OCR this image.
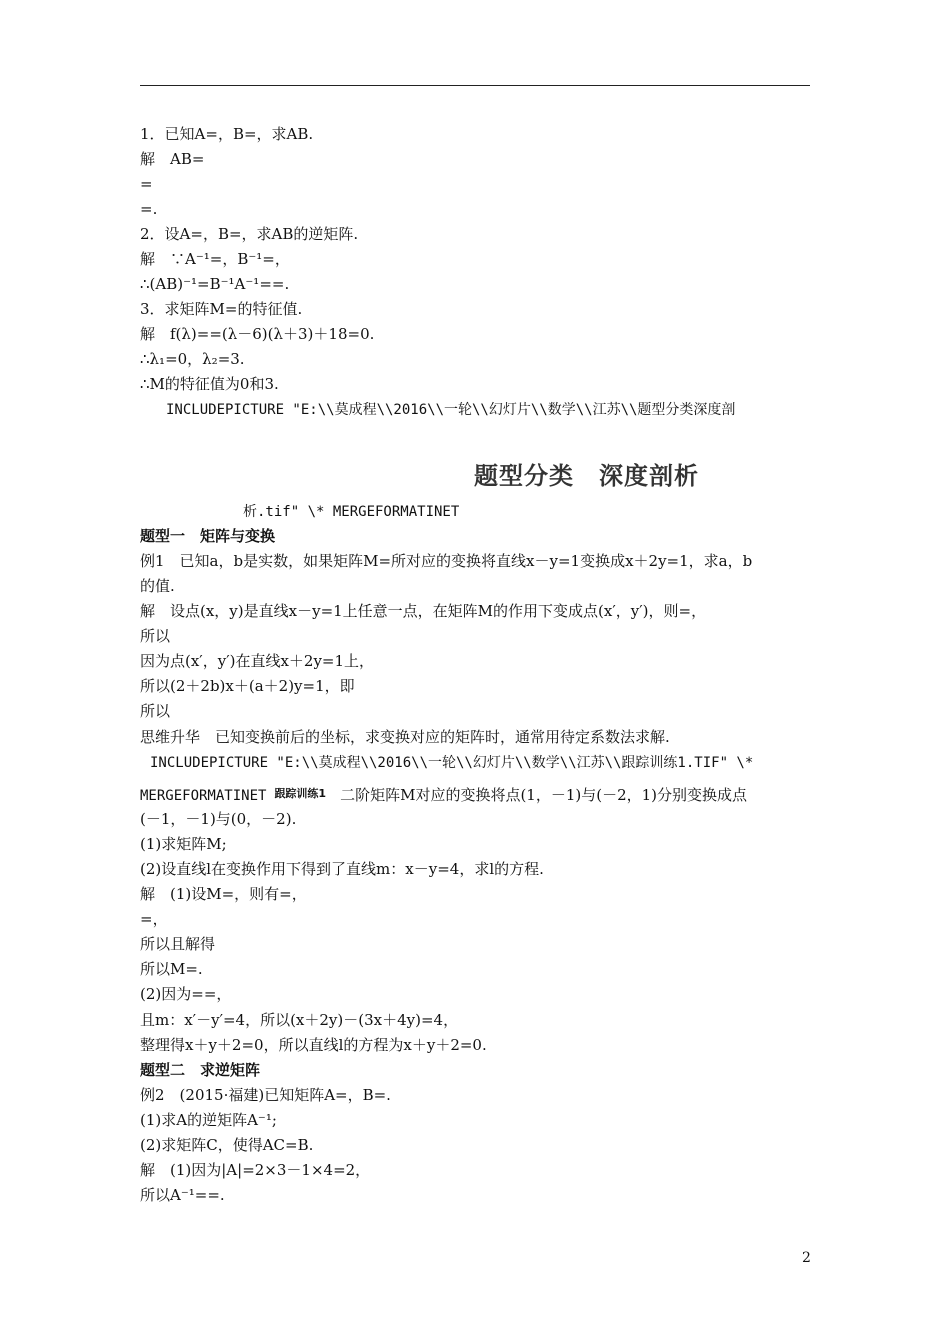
1．已知A=，B=，求AB.
解　AB=
=
=.
2．设A=，B=，求AB的逆矩阵.
解　∵A⁻¹=，B⁻¹=，
∴(AB)⁻¹=B⁻¹A⁻¹==.
3．求矩阵M=的特征值.
解　f(λ)==(λ－6)(λ＋3)＋18=0.
∴λ₁=0，λ₂=3.
∴M的特征值为0和3.
INCLUDEPICTURE "E:\\莫成程\\2016\\一轮\\幻灯片\\数学\\江苏\\题型分类深度剖
题型分类　深度剖析
析.tif" \* MERGEFORMATINET
题型一　矩阵与变换
例1　已知a，b是实数，如果矩阵M=所对应的变换将直线x－y=1变换成x＋2y=1，求a，b
的值.
解　设点(x，y)是直线x－y=1上任意一点，在矩阵M的作用下变成点(x′，y′)，则=，
所以
因为点(x′，y′)在直线x＋2y=1上，
所以(2＋2b)x＋(a＋2)y=1，即
所以
思维升华　已知变换前后的坐标，求变换对应的矩阵时，通常用待定系数法求解.
INCLUDEPICTURE "E:\\莫成程\\2016\\一轮\\幻灯片\\数学\\江苏\\跟踪训练1.TIF" \*
MERGEFORMATINET 跟踪训练1 二阶矩阵M对应的变换将点(1，－1)与(－2，1)分别变换成点
(－1，－1)与(0，－2).
(1)求矩阵M;
(2)设直线l在变换作用下得到了直线m：x－y=4，求l的方程.
解　(1)设M=，则有=，
=，
所以且解得
所以M=.
(2)因为==，
且m：x′－y′=4，所以(x＋2y)－(3x＋4y)=4，
整理得x＋y＋2=0，所以直线l的方程为x＋y＋2=0.
题型二　求逆矩阵
例2　(2015·福建)已知矩阵A=，B=.
(1)求A的逆矩阵A⁻¹;
(2)求矩阵C，使得AC=B.
解　(1)因为|A|=2×3－1×4=2，
所以A⁻¹==.
2
